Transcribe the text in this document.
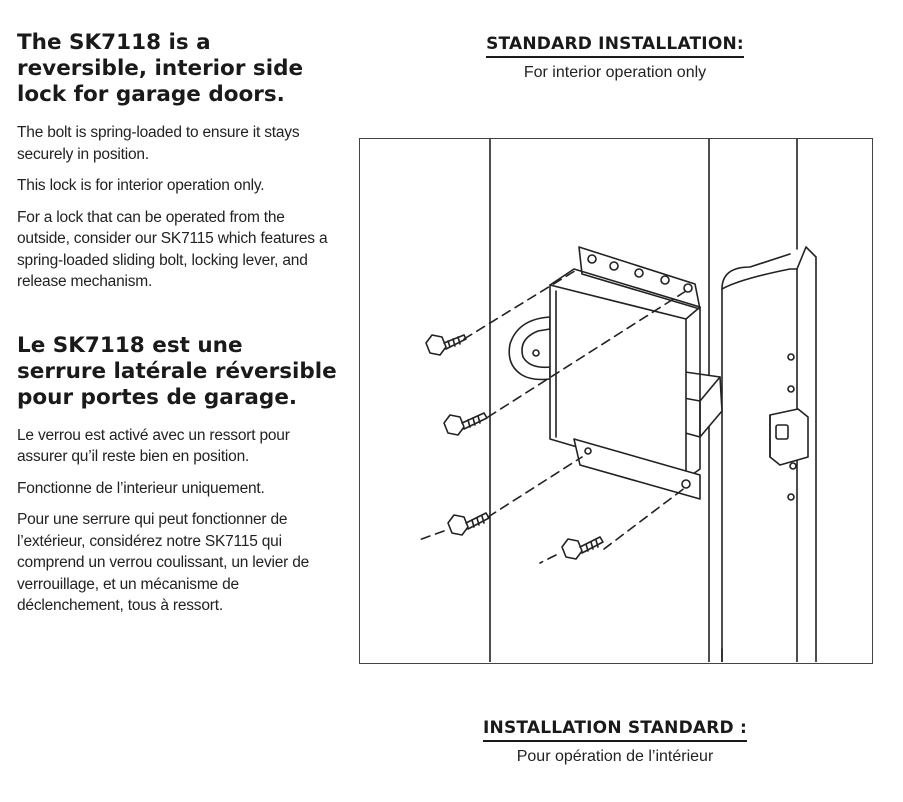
The SK7118 is a reversible, interior side lock for garage doors.

The bolt is spring-loaded to ensure it stays securely in position.

This lock is for interior operation only.

For a lock that can be operated from the outside, consider our SK7115 which features a spring-loaded sliding bolt, locking lever, and release mechanism.

Le SK7118 est une serrure latérale réversible pour portes de garage.

Le verrou est activé avec un ressort pour assurer qu’il reste bien en position.

Fonctionne de l’interieur uniquement.

Pour une serrure qui peut fonctionner de l’extérieur, considérez notre SK7115 qui comprend un verrou coulissant, un levier de verrouillage, et un mécanisme de déclenchement, tous à ressort.

STANDARD INSTALLATION:
For interior operation only
INSTALLATION STANDARD :
Pour opération de l’intérieur
